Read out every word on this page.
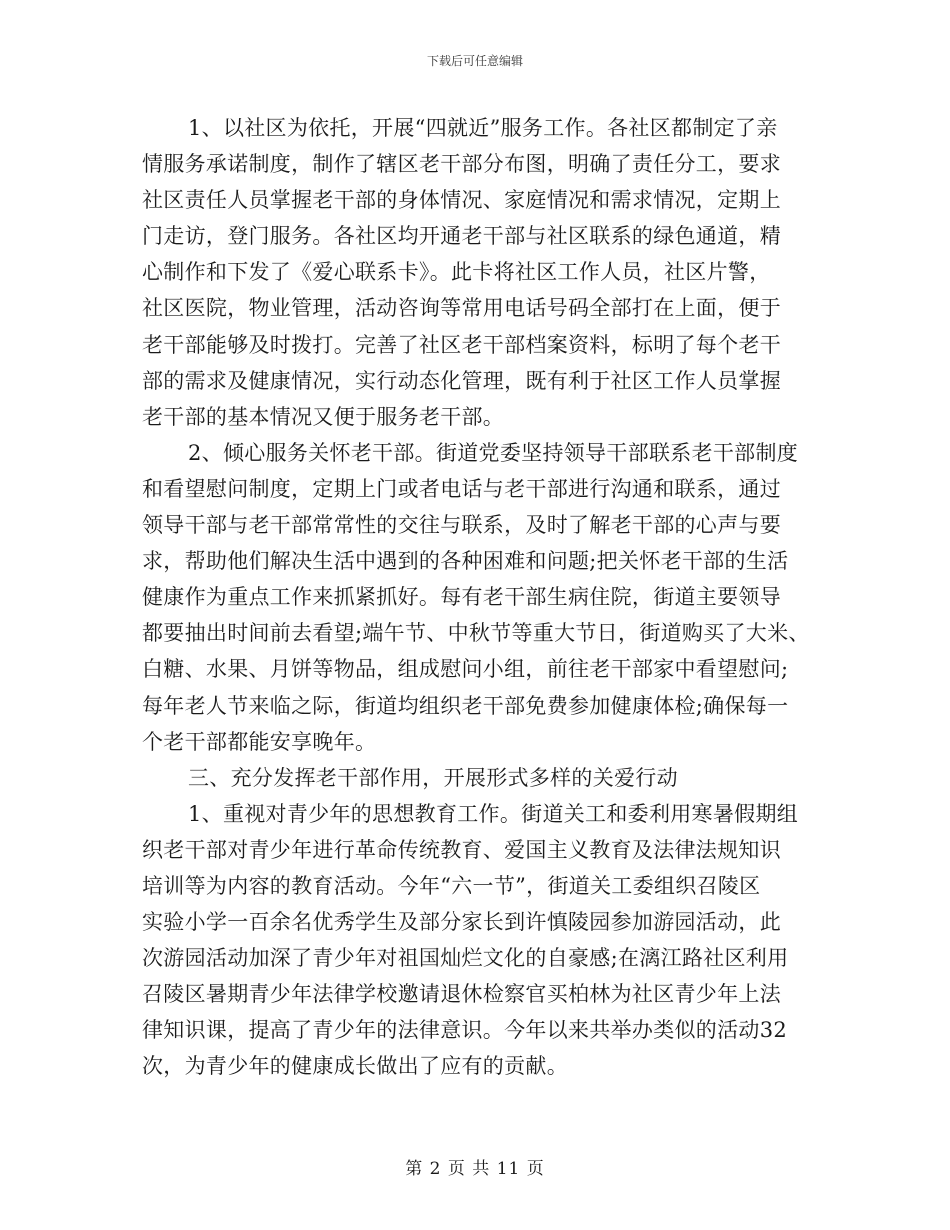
下载后可任意编辑
1、以社区为依托，开展“四就近”服务工作。各社区都制定了亲
情服务承诺制度，制作了辖区老干部分布图，明确了责任分工，要求
社区责任人员掌握老干部的身体情况、家庭情况和需求情况，定期上
门走访，登门服务。各社区均开通老干部与社区联系的绿色通道，精
心制作和下发了《爱心联系卡》。此卡将社区工作人员，社区片警，
社区医院，物业管理，活动咨询等常用电话号码全部打在上面，便于
老干部能够及时拨打。完善了社区老干部档案资料，标明了每个老干
部的需求及健康情况，实行动态化管理，既有利于社区工作人员掌握
老干部的基本情况又便于服务老干部。
2、倾心服务关怀老干部。街道党委坚持领导干部联系老干部制度
和看望慰问制度，定期上门或者电话与老干部进行沟通和联系，通过
领导干部与老干部常常性的交往与联系，及时了解老干部的心声与要
求，帮助他们解决生活中遇到的各种困难和问题;把关怀老干部的生活
健康作为重点工作来抓紧抓好。每有老干部生病住院，街道主要领导
都要抽出时间前去看望;端午节、中秋节等重大节日，街道购买了大米、
白糖、水果、月饼等物品，组成慰问小组，前往老干部家中看望慰问;
每年老人节来临之际，街道均组织老干部免费参加健康体检;确保每一
个老干部都能安享晚年。
三、充分发挥老干部作用，开展形式多样的关爱行动
1、重视对青少年的思想教育工作。街道关工和委利用寒暑假期组
织老干部对青少年进行革命传统教育、爱国主义教育及法律法规知识
培训等为内容的教育活动。今年“六一节”，街道关工委组织召陵区
实验小学一百余名优秀学生及部分家长到许慎陵园参加游园活动，此
次游园活动加深了青少年对祖国灿烂文化的自豪感;在漓江路社区利用
召陵区暑期青少年法律学校邀请退休检察官买柏林为社区青少年上法
律知识课，提高了青少年的法律意识。今年以来共举办类似的活动32
次，为青少年的健康成长做出了应有的贡献。
第 2 页 共 11 页
